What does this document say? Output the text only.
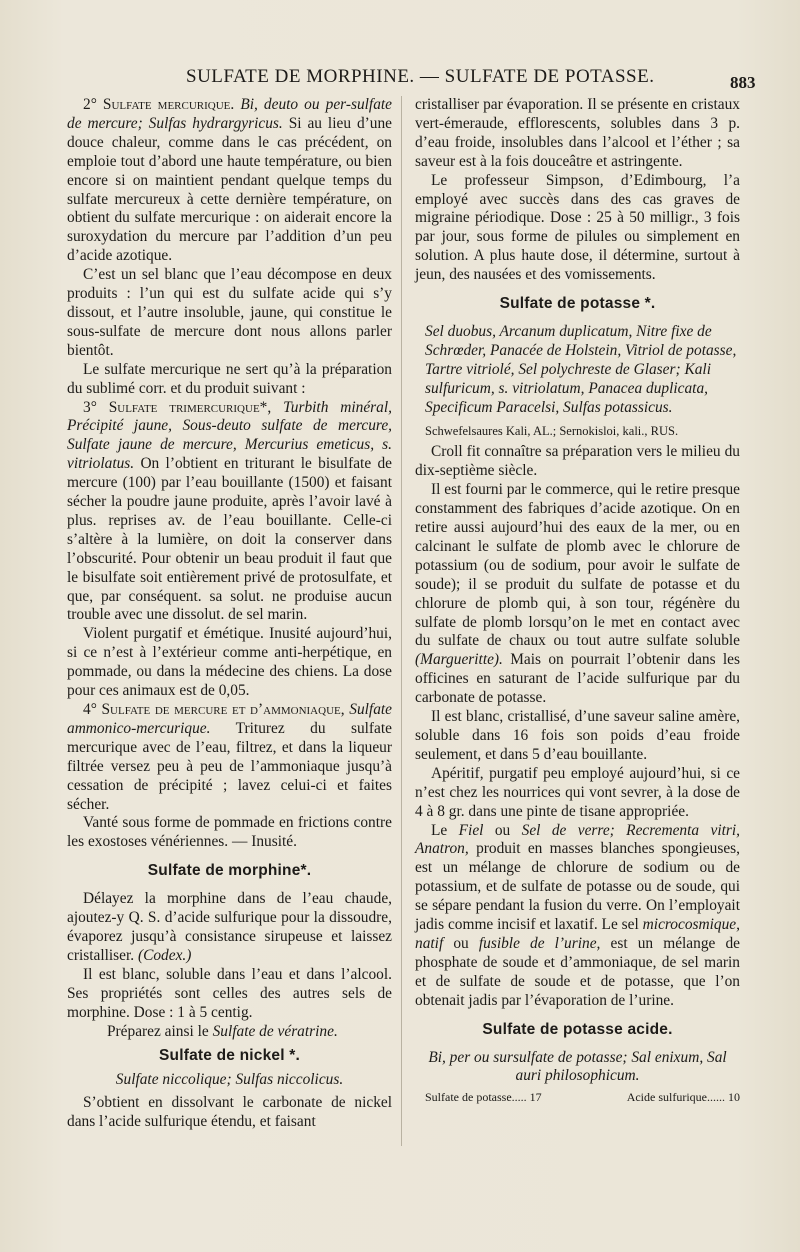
SULFATE DE MORPHINE. — SULFATE DE POTASSE.	883

2° Sulfate mercurique. Bi, deuto ou per-sulfate de mercure; Sulfas hydrargyricus. Si au lieu d’une douce chaleur, comme dans le cas précédent, on emploie tout d’abord une haute température, ou bien encore si on maintient pendant quelque temps du sulfate mercureux à cette dernière température, on obtient du sulfate mercurique : on aiderait encore la suroxydation du mercure par l’addition d’un peu d’acide azotique.

C’est un sel blanc que l’eau décompose en deux produits : l’un qui est du sulfate acide qui s’y dissout, et l’autre insoluble, jaune, qui constitue le sous-sulfate de mercure dont nous allons parler bientôt.

Le sulfate mercurique ne sert qu’à la préparation du sublimé corr. et du produit suivant :

3° Sulfate trimercurique*, Turbith minéral, Précipité jaune, Sous-deuto sulfate de mercure, Sulfate jaune de mercure, Mercurius emeticus, s. vitriolatus. On l’obtient en triturant le bisulfate de mercure (100) par l’eau bouillante (1500) et faisant sécher la poudre jaune produite, après l’avoir lavé à plus. reprises av. de l’eau bouillante. Celle-ci s’altère à la lumière, on doit la conserver dans l’obscurité. Pour obtenir un beau produit il faut que le bisulfate soit entièrement privé de protosulfate, et que, par conséquent. sa solut. ne produise aucun trouble avec une dissolut. de sel marin.

Violent purgatif et émétique. Inusité aujourd’hui, si ce n’est à l’extérieur comme anti-herpétique, en pommade, ou dans la médecine des chiens. La dose pour ces animaux est de 0,05.

4° Sulfate de mercure et d’ammoniaque, Sulfate ammonico-mercurique. Triturez du sulfate mercurique avec de l’eau, filtrez, et dans la liqueur filtrée versez peu à peu de l’ammoniaque jusqu’à cessation de précipité ; lavez celui-ci et faites sécher.

Vanté sous forme de pommade en frictions contre les exostoses vénériennes. — Inusité.

Sulfate de morphine*.

Délayez la morphine dans de l’eau chaude, ajoutez-y Q. S. d’acide sulfurique pour la dissoudre, évaporez jusqu’à consistance sirupeuse et laissez cristalliser. (Codex.)

Il est blanc, soluble dans l’eau et dans l’alcool. Ses propriétés sont celles des autres sels de morphine. Dose : 1 à 5 centig.

Préparez ainsi le Sulfate de vératrine.

Sulfate de nickel *.

Sulfate niccolique; Sulfas niccolicus.

S’obtient en dissolvant le carbonate de nickel dans l’acide sulfurique étendu, et faisant

cristalliser par évaporation. Il se présente en cristaux vert-émeraude, efflorescents, solubles dans 3 p. d’eau froide, insolubles dans l’alcool et l’éther ; sa saveur est à la fois douceâtre et astringente.

Le professeur Simpson, d’Edimbourg, l’a employé avec succès dans des cas graves de migraine périodique. Dose : 25 à 50 milligr., 3 fois par jour, sous forme de pilules ou simplement en solution. A plus haute dose, il détermine, surtout à jeun, des nausées et des vomissements.

Sulfate de potasse *.

Sel duobus, Arcanum duplicatum, Nitre fixe de Schrœder, Panacée de Holstein, Vitriol de potasse, Tartre vitriolé, Sel polychreste de Glaser; Kali sulfuricum, s. vitriolatum, Panacea duplicata, Specificum Paracelsi, Sulfas potassicus.

Schwefelsaures Kali, AL.; Sernokisloi, kali., RUS.

Croll fit connaître sa préparation vers le milieu du dix-septième siècle.

Il est fourni par le commerce, qui le retire presque constamment des fabriques d’acide azotique. On en retire aussi aujourd’hui des eaux de la mer, ou en calcinant le sulfate de plomb avec le chlorure de potassium (ou de sodium, pour avoir le sulfate de soude); il se produit du sulfate de potasse et du chlorure de plomb qui, à son tour, régénère du sulfate de plomb lorsqu’on le met en contact avec du sulfate de chaux ou tout autre sulfate soluble (Margueritte). Mais on pourrait l’obtenir dans les officines en saturant de l’acide sulfurique par du carbonate de potasse.

Il est blanc, cristallisé, d’une saveur saline amère, soluble dans 16 fois son poids d’eau froide seulement, et dans 5 d’eau bouillante.

Apéritif, purgatif peu employé aujourd’hui, si ce n’est chez les nourrices qui vont sevrer, à la dose de 4 à 8 gr. dans une pinte de tisane appropriée.

Le Fiel ou Sel de verre; Recrementa vitri, Anatron, produit en masses blanches spongieuses, est un mélange de chlorure de sodium ou de potassium, et de sulfate de potasse ou de soude, qui se sépare pendant la fusion du verre. On l’employait jadis comme incisif et laxatif. Le sel microcosmique, natif ou fusible de l’urine, est un mélange de phosphate de soude et d’ammoniaque, de sel marin et de sulfate de soude et de potasse, que l’on obtenait jadis par l’évaporation de l’urine.

Sulfate de potasse acide.

Bi, per ou sursulfate de potasse; Sal enixum, Sal auri philosophicum.

Sulfate de potasse..... 17	Acide sulfurique...... 10
